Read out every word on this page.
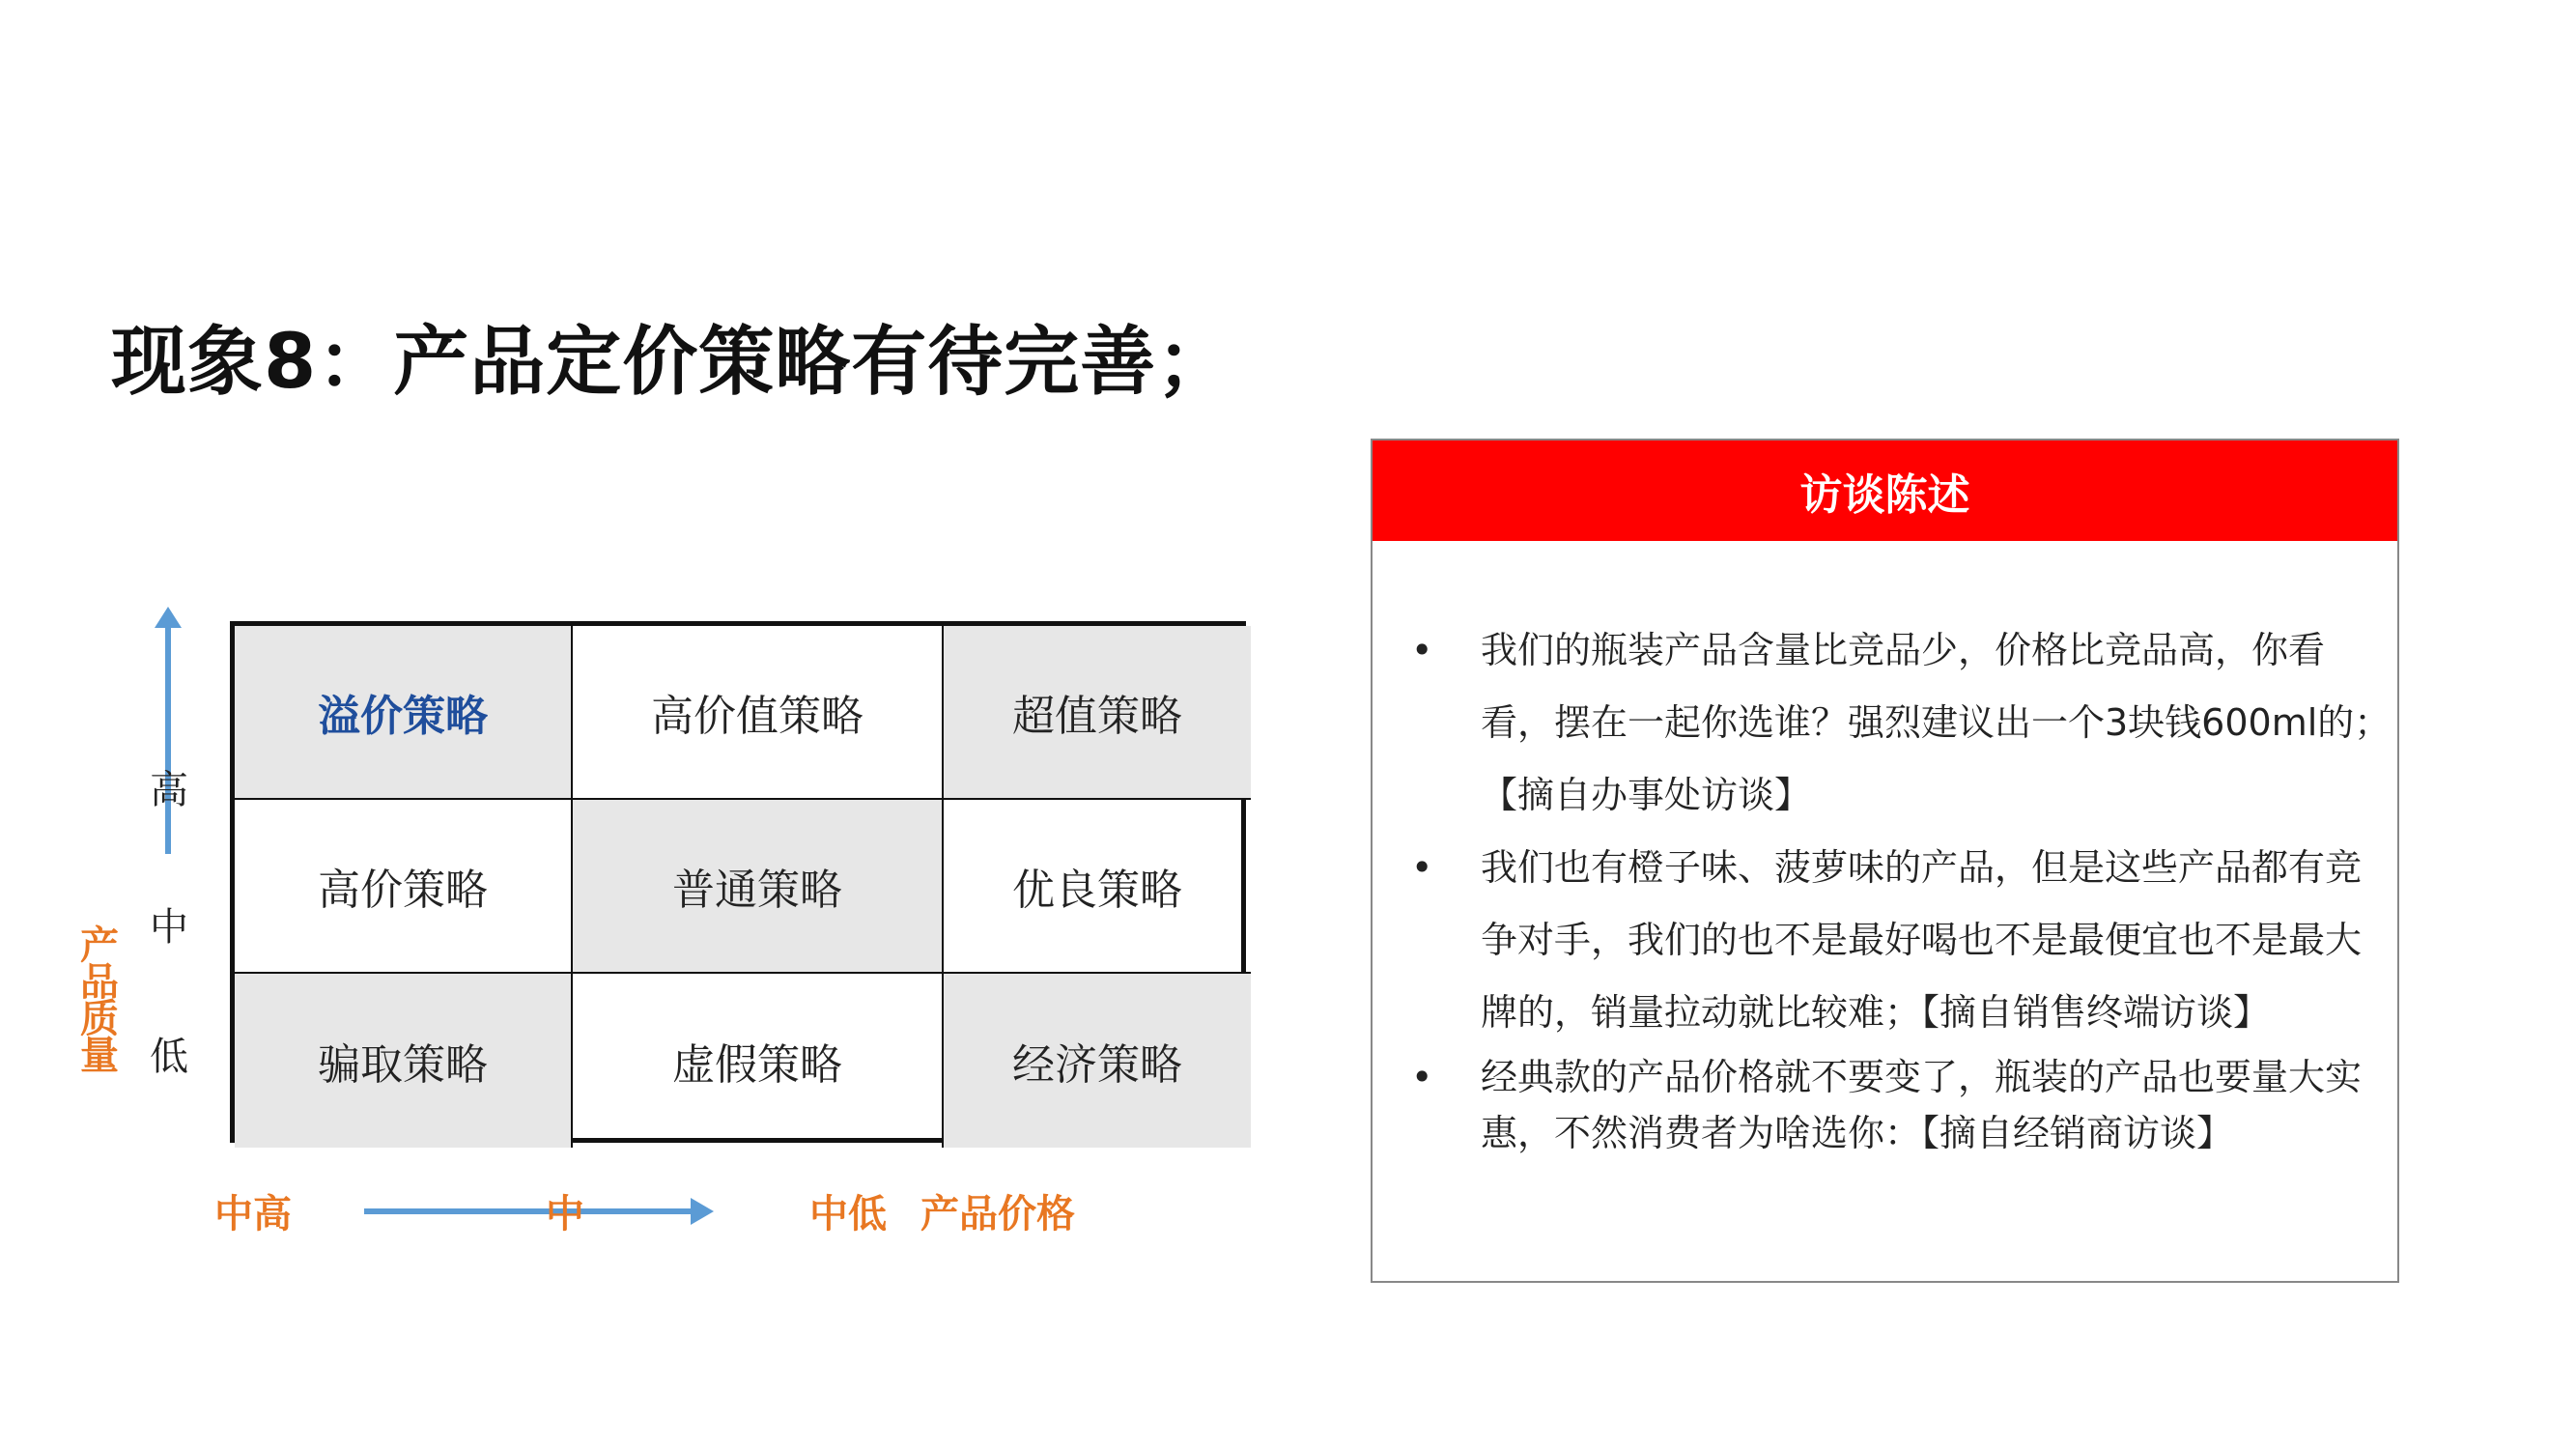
现象8：产品定价策略有待完善；
高
中
低
产
品
质
量
溢价策略	高价值策略	超值策略
高价策略	普通策略	优良策略
骗取策略	虚假策略	经济策略
中高	中	中低 产品价格
访谈陈述
• 我们的瓶装产品含量比竞品少，价格比竞品高，你看看，摆在一起你选谁？强烈建议出一个3块钱600ml的；【摘自办事处访谈】
• 我们也有橙子味、菠萝味的产品，但是这些产品都有竞争对手，我们的也不是最好喝也不是最便宜也不是最大牌的，销量拉动就比较难；【摘自销售终端访谈】
• 经典款的产品价格就不要变了，瓶装的产品也要量大实惠，不然消费者为啥选你：【摘自经销商访谈】
